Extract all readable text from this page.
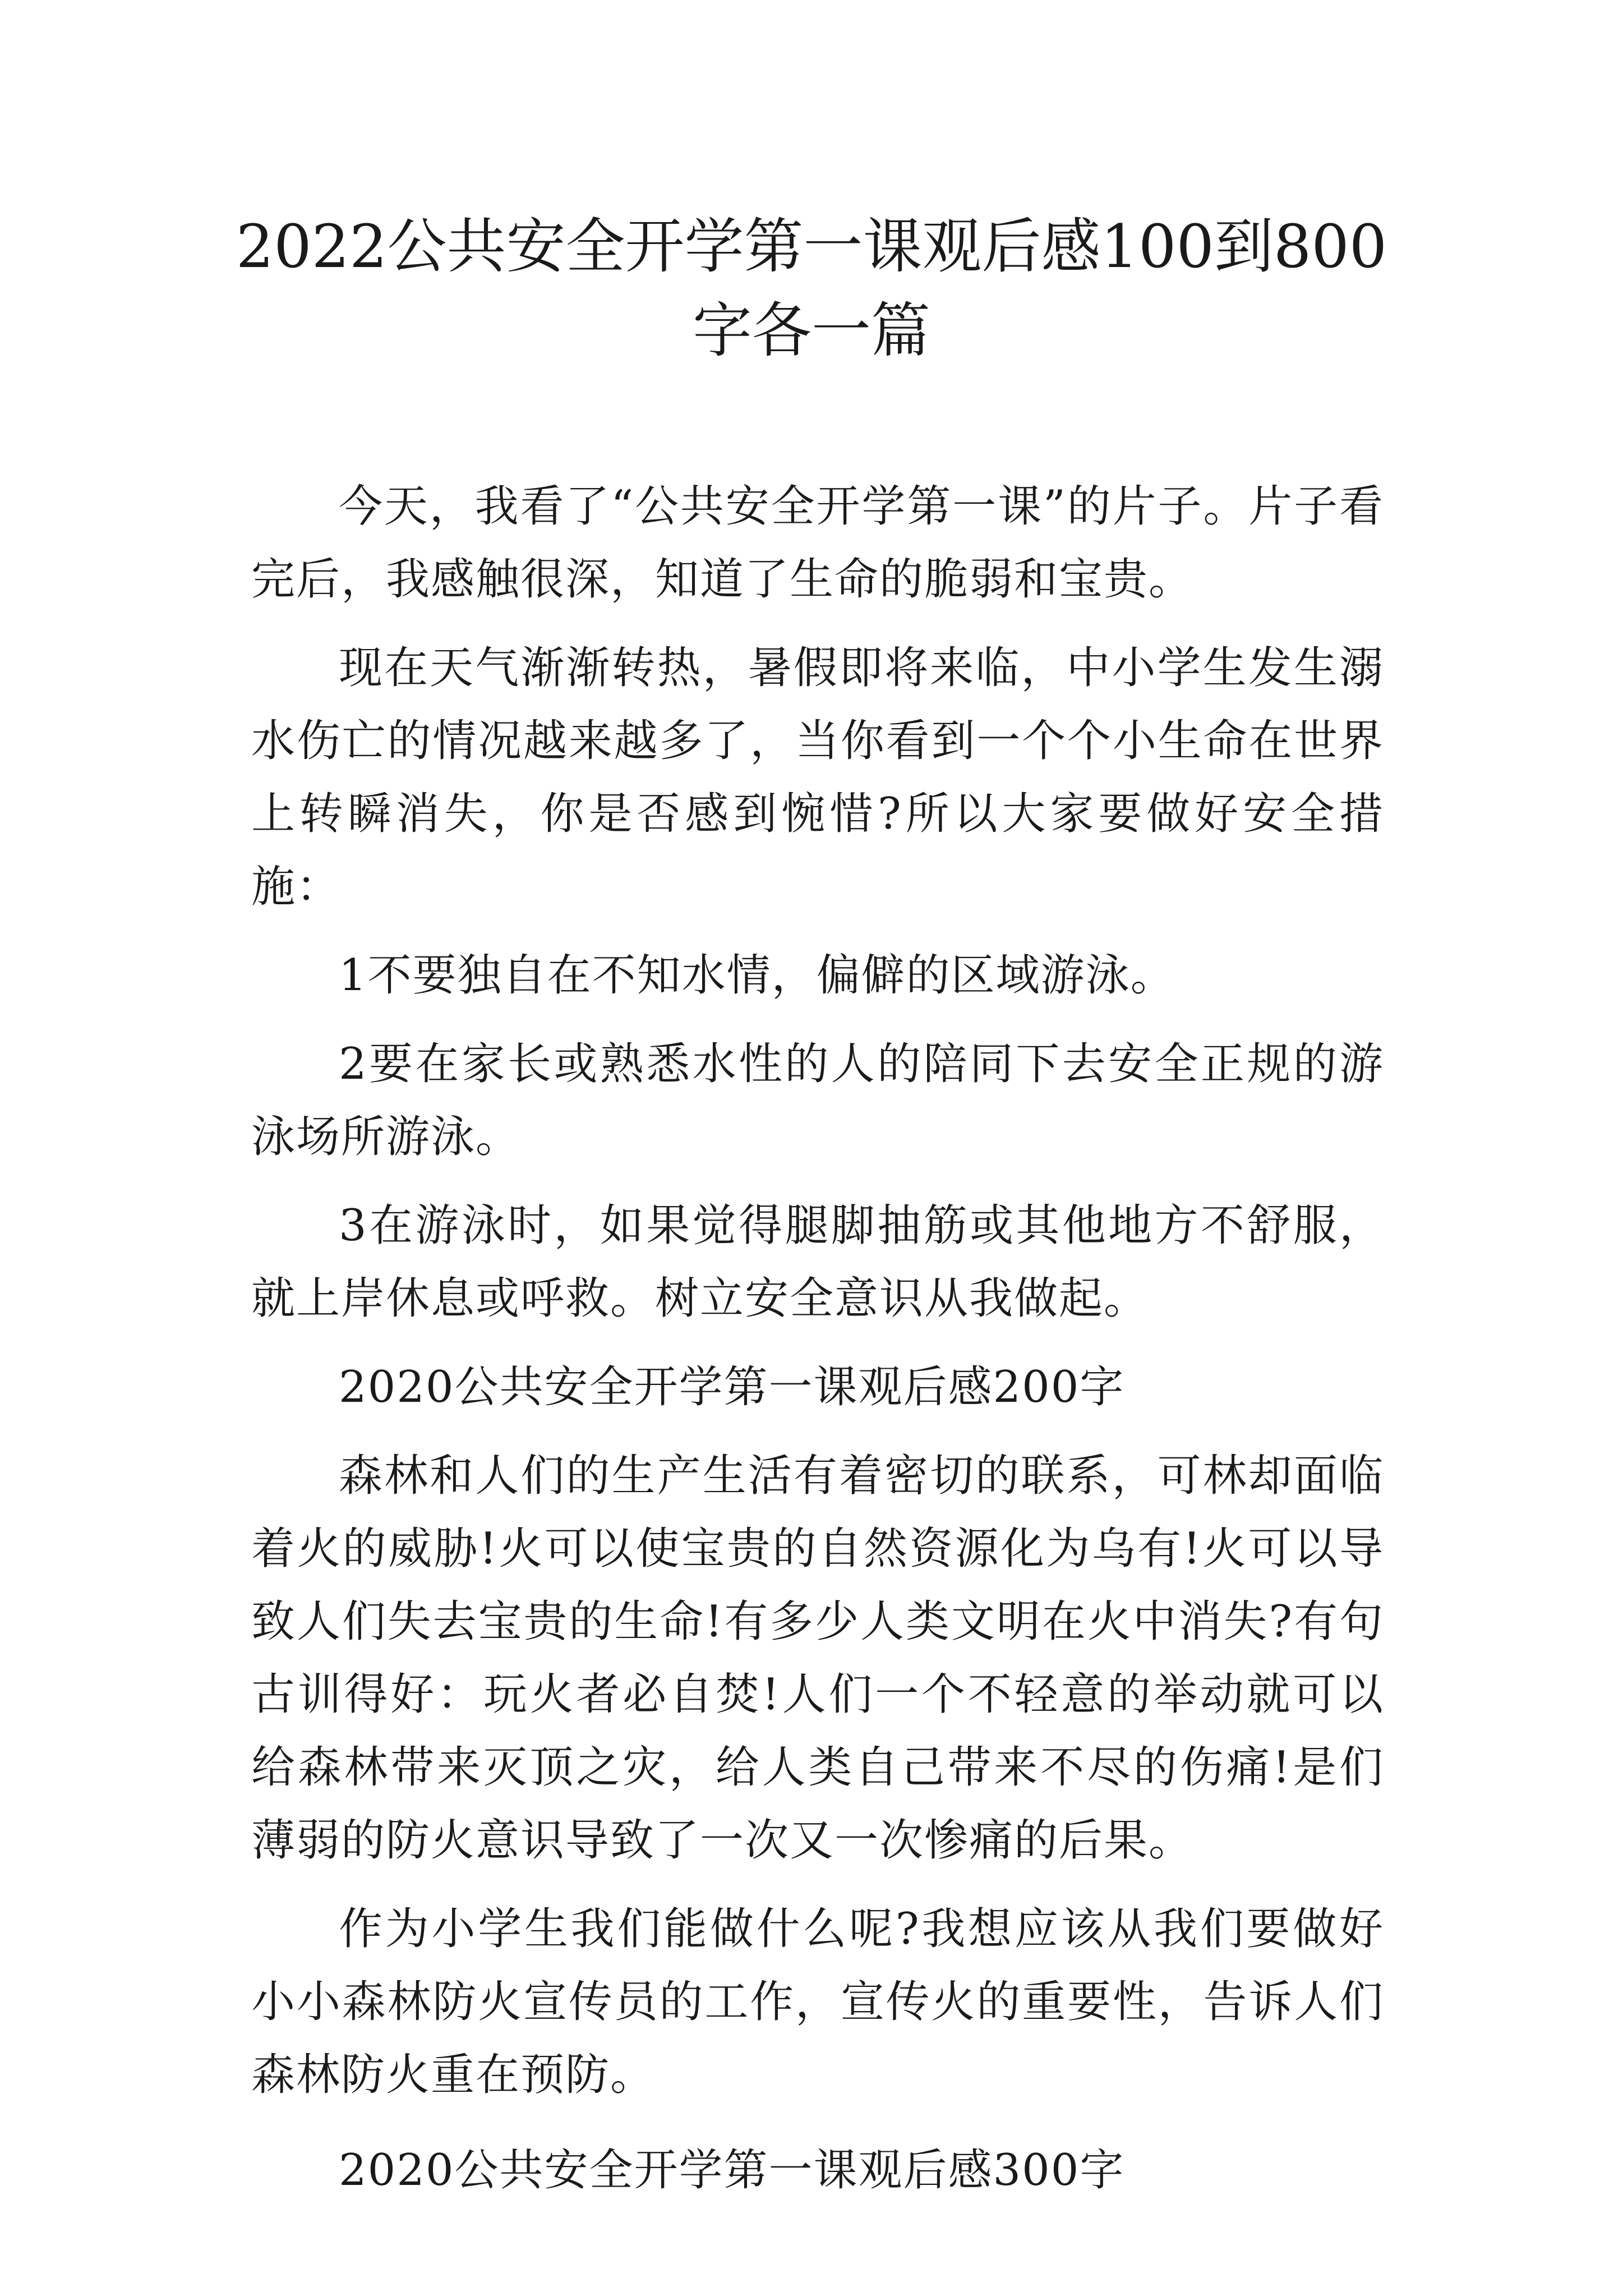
2022公共安全开学第一课观后感100到800字各一篇

今天，我看了“公共安全开学第一课”的片子。片子看完后，我感触很深，知道了生命的脆弱和宝贵。

现在天气渐渐转热，暑假即将来临，中小学生发生溺水伤亡的情况越来越多了，当你看到一个个小生命在世界上转瞬消失，你是否感到惋惜?所以大家要做好安全措施：

1不要独自在不知水情，偏僻的区域游泳。

2要在家长或熟悉水性的人的陪同下去安全正规的游泳场所游泳。

3在游泳时，如果觉得腿脚抽筋或其他地方不舒服，就上岸休息或呼救。树立安全意识从我做起。

2020公共安全开学第一课观后感200字

森林和人们的生产生活有着密切的联系，可林却面临着火的威胁!火可以使宝贵的自然资源化为乌有!火可以导致人们失去宝贵的生命!有多少人类文明在火中消失?有句古训得好：玩火者必自焚!人们一个不轻意的举动就可以给森林带来灭顶之灾，给人类自己带来不尽的伤痛!是们薄弱的防火意识导致了一次又一次惨痛的后果。

作为小学生我们能做什么呢?我想应该从我们要做好小小森林防火宣传员的工作，宣传火的重要性，告诉人们森林防火重在预防。

2020公共安全开学第一课观后感300字
